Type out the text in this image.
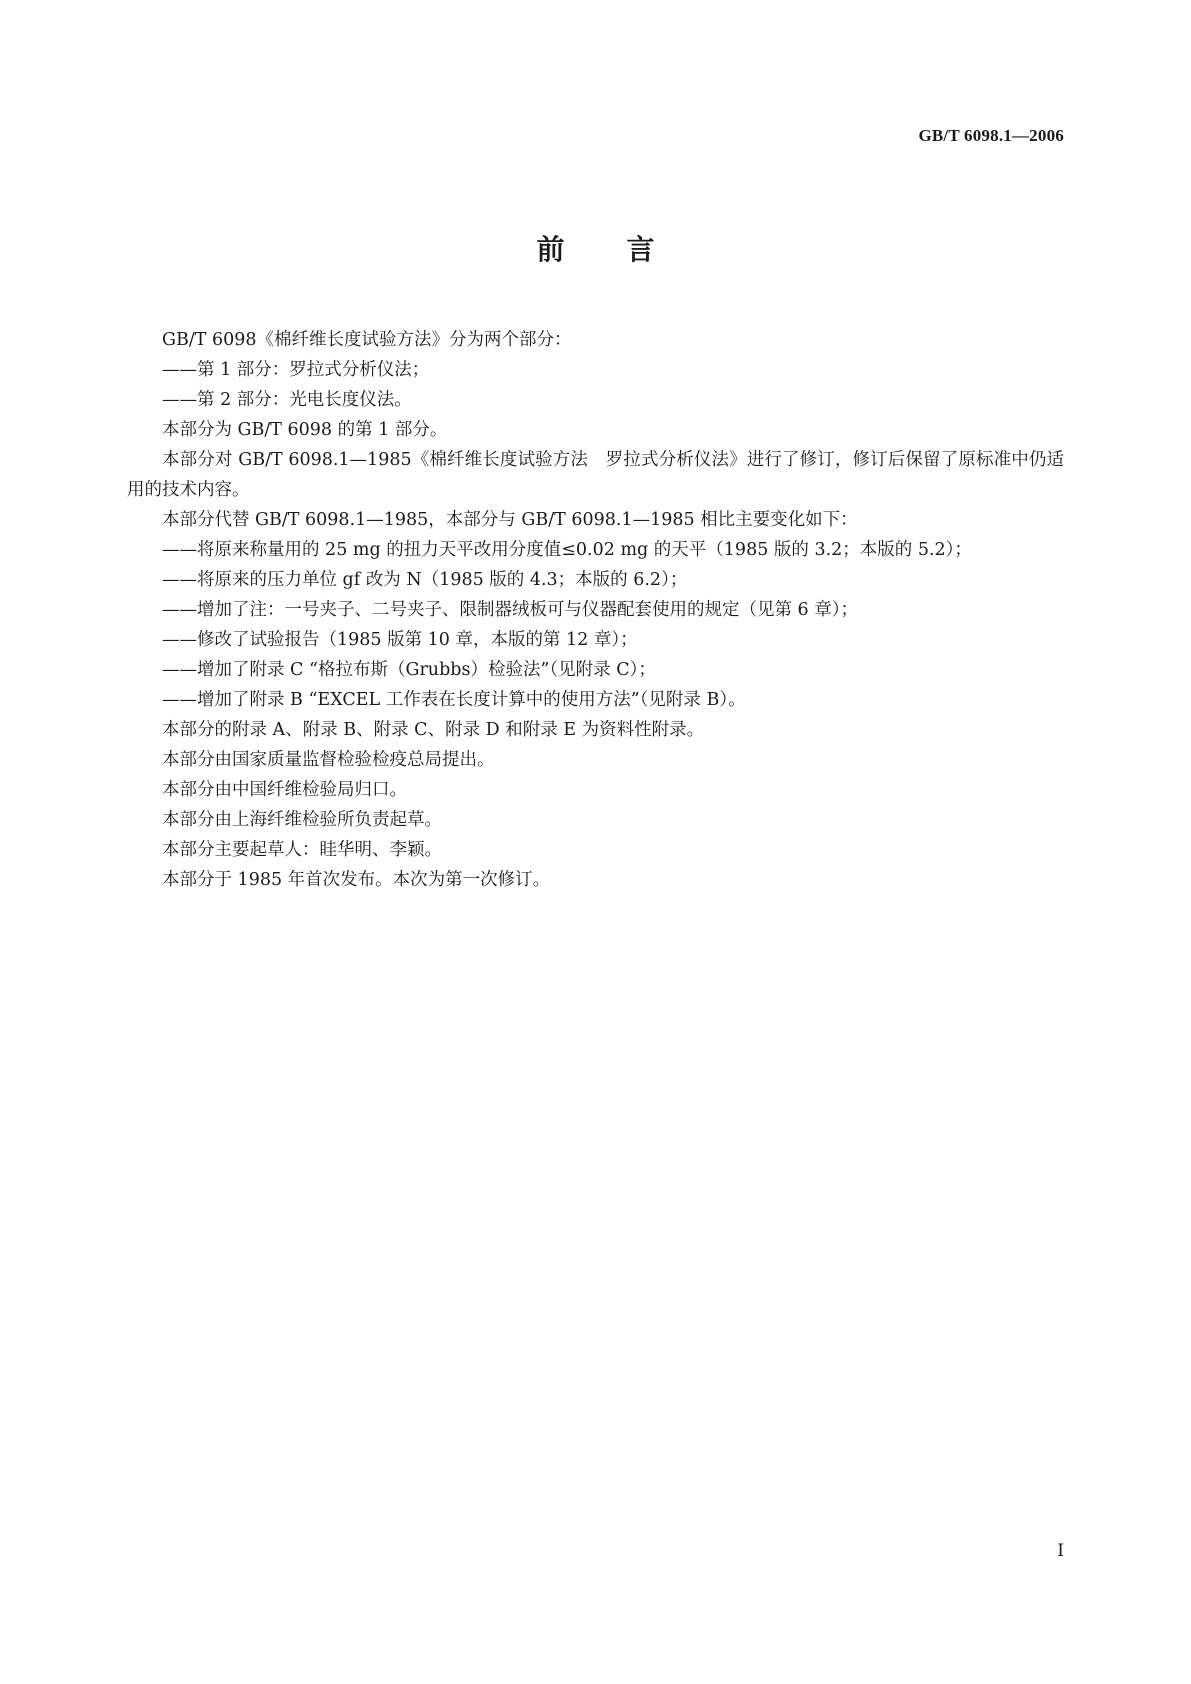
GB/T 6098.1—2006
前言

GB/T 6098《棉纤维长度试验方法》分为两个部分：

——第 1 部分：罗拉式分析仪法；

——第 2 部分：光电长度仪法。

本部分为 GB/T 6098 的第 1 部分。

本部分对 GB/T 6098.1—1985《棉纤维长度试验方法　罗拉式分析仪法》进行了修订，修订后保留了原标准中仍适用的技术内容。

本部分代替 GB/T 6098.1—1985，本部分与 GB/T 6098.1—1985 相比主要变化如下：

——将原来称量用的 25 mg 的扭力天平改用分度值≤0.02 mg 的天平（1985 版的 3.2；本版的 5.2）；

——将原来的压力单位 gf 改为 N（1985 版的 4.3；本版的 6.2）；

——增加了注：一号夹子、二号夹子、限制器绒板可与仪器配套使用的规定（见第 6 章）；

——修改了试验报告（1985 版第 10 章，本版的第 12 章）；

——增加了附录 C “格拉布斯（Grubbs）检验法”（见附录 C）；

——增加了附录 B “EXCEL 工作表在长度计算中的使用方法”（见附录 B）。

本部分的附录 A、附录 B、附录 C、附录 D 和附录 E 为资料性附录。

本部分由国家质量监督检验检疫总局提出。

本部分由中国纤维检验局归口。

本部分由上海纤维检验所负责起草。

本部分主要起草人：眭华明、李颖。

本部分于 1985 年首次发布。本次为第一次修订。

I
